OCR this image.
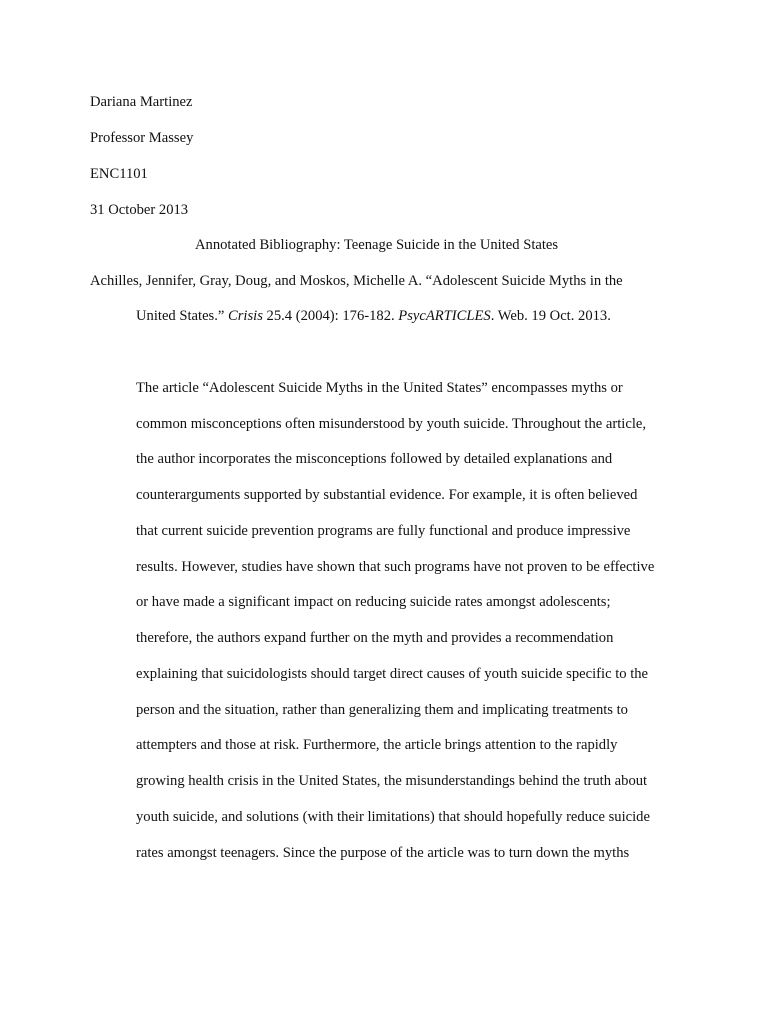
Dariana Martinez
Professor Massey
ENC1101
31 October 2013
Annotated Bibliography: Teenage Suicide in the United States
Achilles, Jennifer, Gray, Doug, and Moskos, Michelle A. “Adolescent Suicide Myths in the
United States.” Crisis 25.4 (2004): 176-182. PsycARTICLES. Web. 19 Oct. 2013.
The article “Adolescent Suicide Myths in the United States” encompasses myths or
common misconceptions often misunderstood by youth suicide. Throughout the article,
the author incorporates the misconceptions followed by detailed explanations and
counterarguments supported by substantial evidence. For example, it is often believed
that current suicide prevention programs are fully functional and produce impressive
results. However, studies have shown that such programs have not proven to be effective
or have made a significant impact on reducing suicide rates amongst adolescents;
therefore, the authors expand further on the myth and provides a recommendation
explaining that suicidologists should target direct causes of youth suicide specific to the
person and the situation, rather than generalizing them and implicating treatments to
attempters and those at risk. Furthermore, the article brings attention to the rapidly
growing health crisis in the United States, the misunderstandings behind the truth about
youth suicide, and solutions (with their limitations) that should hopefully reduce suicide
rates amongst teenagers. Since the purpose of the article was to turn down the myths
